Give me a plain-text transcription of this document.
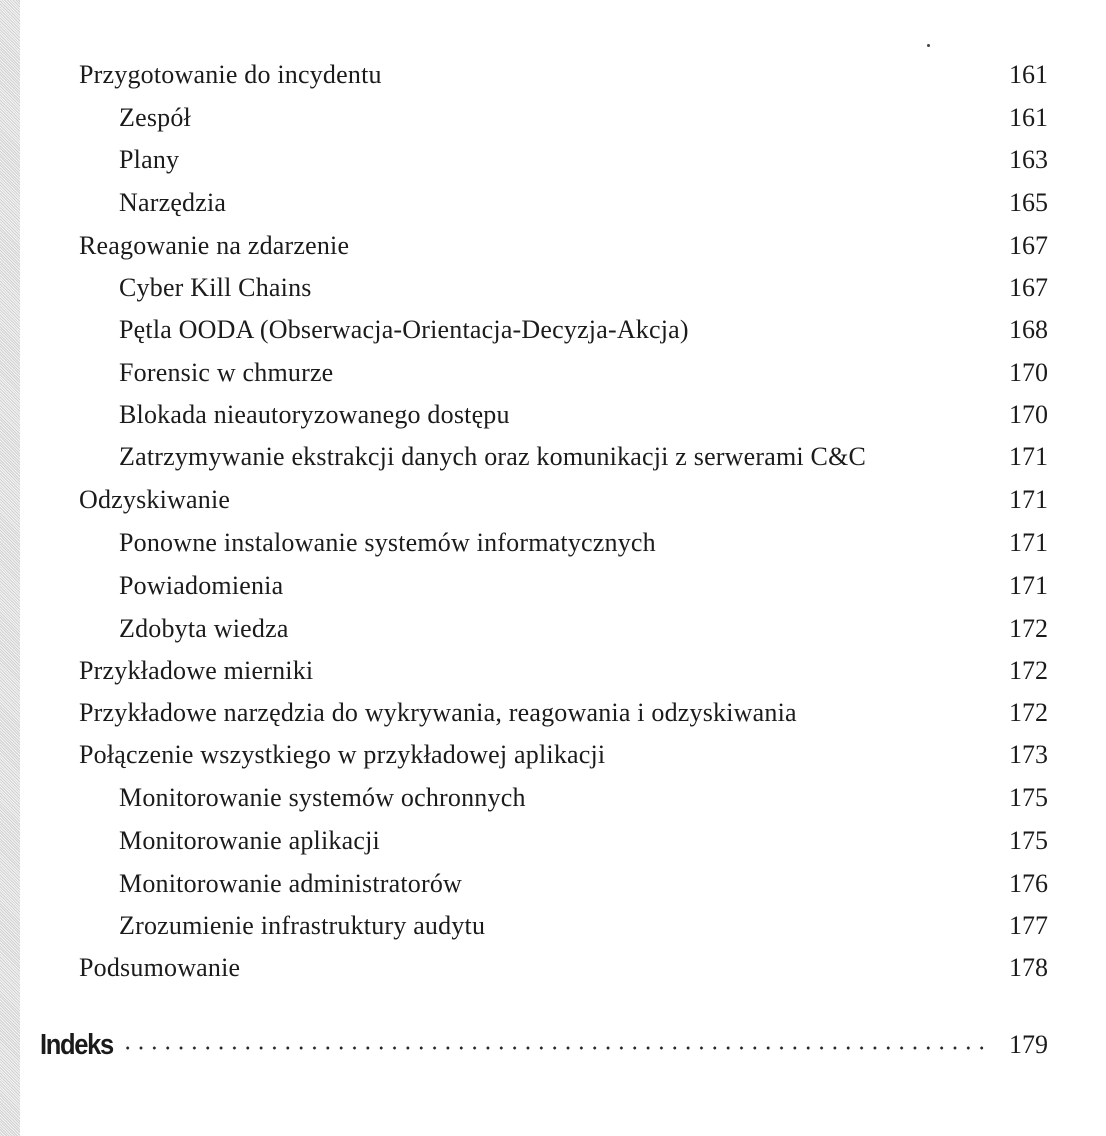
Przygotowanie do incydentu	161
Zespół	161
Plany	163
Narzędzia	165
Reagowanie na zdarzenie	167
Cyber Kill Chains	167
Pętla OODA (Obserwacja-Orientacja-Decyzja-Akcja)	168
Forensic w chmurze	170
Blokada nieautoryzowanego dostępu	170
Zatrzymywanie ekstrakcji danych oraz komunikacji z serwerami C&C	171
Odzyskiwanie	171
Ponowne instalowanie systemów informatycznych	171
Powiadomienia	171
Zdobyta wiedza	172
Przykładowe mierniki	172
Przykładowe narzędzia do wykrywania, reagowania i odzyskiwania	172
Połączenie wszystkiego w przykładowej aplikacji	173
Monitorowanie systemów ochronnych	175
Monitorowanie aplikacji	175
Monitorowanie administratorów	176
Zrozumienie infrastruktury audytu	177
Podsumowanie	178
Indeks	179
